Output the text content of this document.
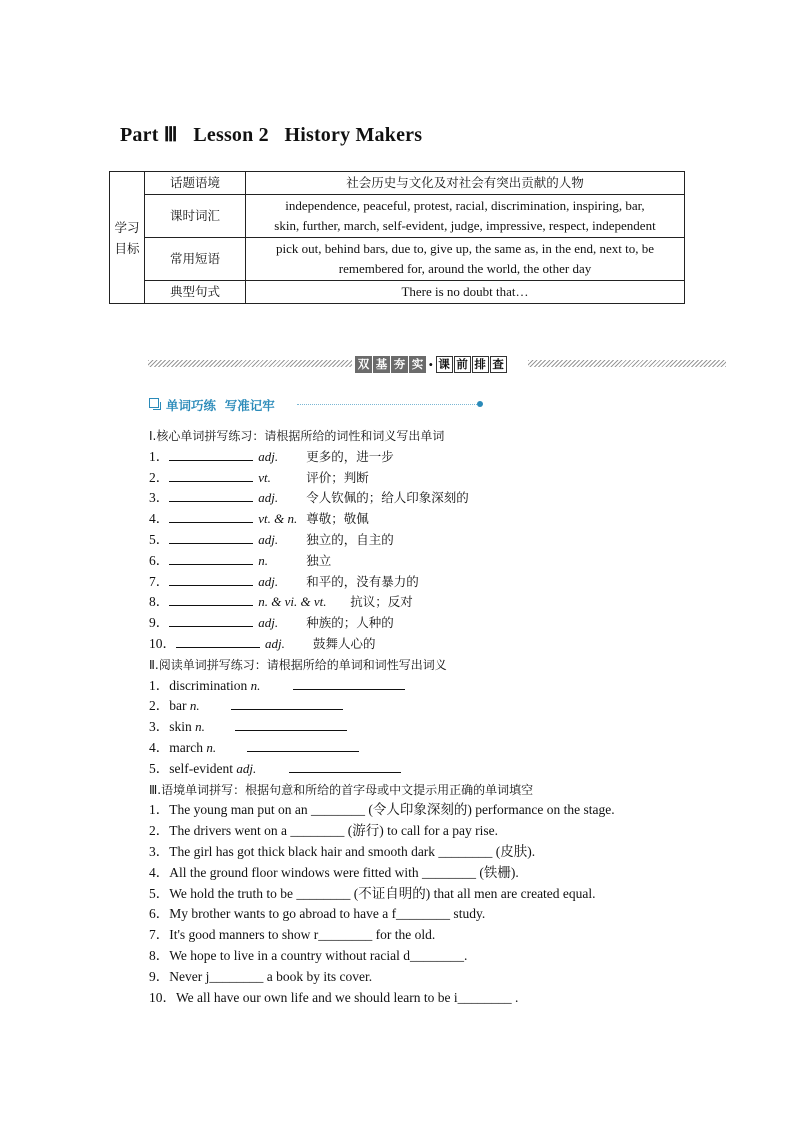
Part Ⅲ   Lesson 2   History Makers
学习
目标	话题语境	社会历史与文化及对社会有突出贡献的人物
	课时词汇	independence, peaceful, protest, racial, discrimination, inspiring, bar,
skin, further, march, self-evident, judge, impressive, respect, independent
	常用短语	pick out, behind bars, due to, give up, the same as, in the end, next to, be
remembered for, around the world, the other day
	典型句式	There is no doubt that…
双 基 夯 实 · 课 前 排 查
单词巧练  写准记牢
Ⅰ.核心单词拼写练习：请根据所给的词性和词义写出单词
1．	adj. 更多的，进一步
2．	vt.	评价；判断
3．	adj. 令人钦佩的；给人印象深刻的
4．	vt. & n. 尊敬；敬佩
5．	adj. 独立的，自主的
6．	n.	独立
7．	adj. 和平的，没有暴力的
8．	n. & vi. & vt. 抗议；反对
9．	adj. 种族的；人种的
10．	adj. 鼓舞人心的
Ⅱ.阅读单词拼写练习：请根据所给的单词和词性写出词义
1．discrimination n.
2．bar n.
3．skin n.
4．march n.
5．self-evident adj.
Ⅲ.语境单词拼写：根据句意和所给的首字母或中文提示用正确的单词填空
1．The young man put on an ________ (令人印象深刻的) performance on the stage.
2．The drivers went on a ________ (游行) to call for a pay rise.
3．The girl has got thick black hair and smooth dark ________ (皮肤).
4．All the ground floor windows were fitted with ________ (铁栅).
5．We hold the truth to be ________ (不证自明的) that all men are created equal.
6．My brother wants to go abroad to have a f________ study.
7．It's good manners to show r________ for the old.
8．We hope to live in a country without racial d________.
9．Never j________ a book by its cover.
10．We all have our own life and we should learn to be i________ .
